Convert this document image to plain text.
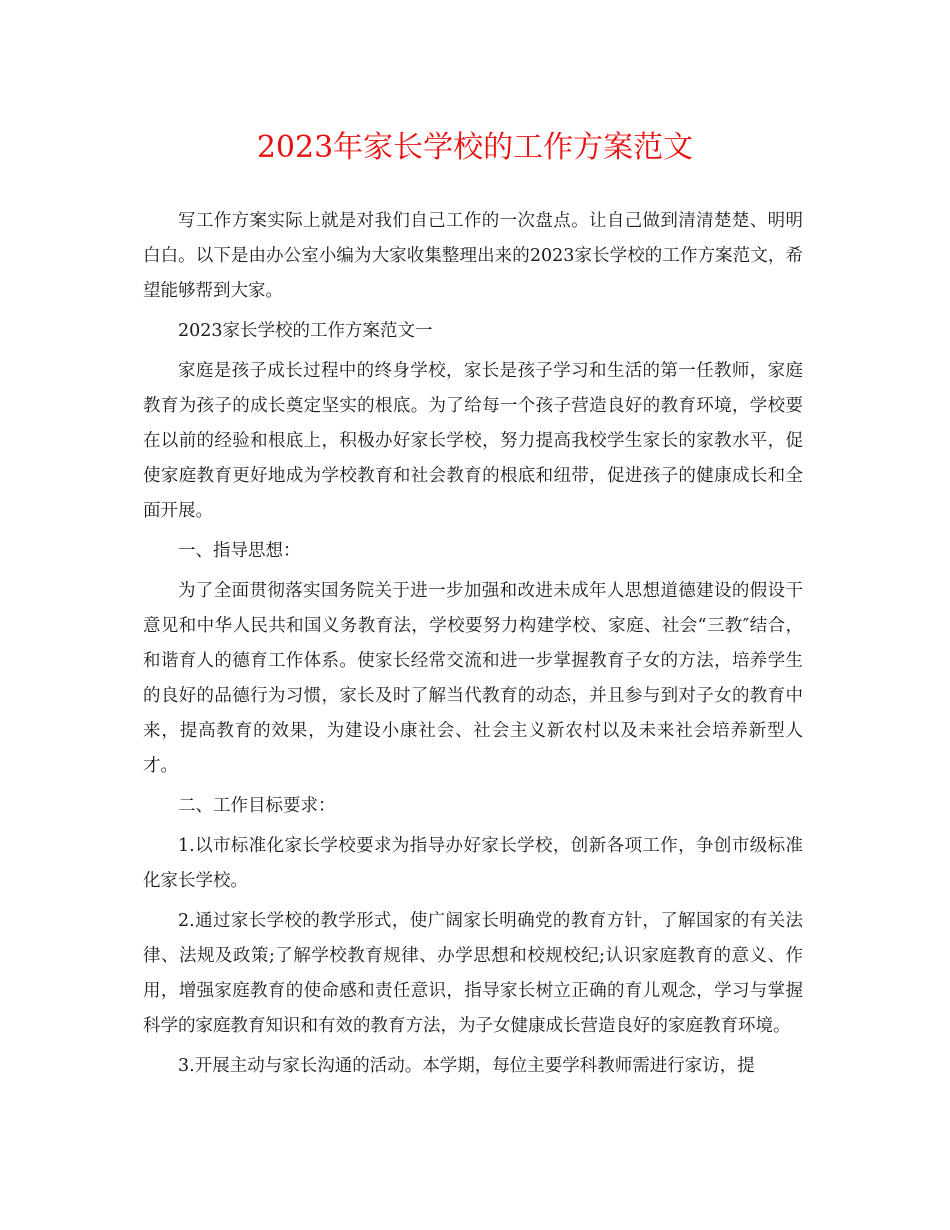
2023年家长学校的工作方案范文

写工作方案实际上就是对我们自己工作的一次盘点。让自己做到清清楚楚、明明白白。以下是由办公室小编为大家收集整理出来的2023家长学校的工作方案范文，希望能够帮到大家。

2023家长学校的工作方案范文一

家庭是孩子成长过程中的终身学校，家长是孩子学习和生活的第一任教师，家庭教育为孩子的成长奠定坚实的根底。为了给每一个孩子营造良好的教育环境，学校要在以前的经验和根底上，积极办好家长学校，努力提高我校学生家长的家教水平，促使家庭教育更好地成为学校教育和社会教育的根底和纽带，促进孩子的健康成长和全面开展。

一、指导思想：

为了全面贯彻落实国务院关于进一步加强和改进未成年人思想道德建设的假设干意见和中华人民共和国义务教育法，学校要努力构建学校、家庭、社会“三教″结合，和谐育人的德育工作体系。使家长经常交流和进一步掌握教育子女的方法，培养学生的良好的品德行为习惯，家长及时了解当代教育的动态，并且参与到对子女的教育中来，提高教育的效果，为建设小康社会、社会主义新农村以及未来社会培养新型人才。

二、工作目标要求：

1.以市标准化家长学校要求为指导办好家长学校，创新各项工作，争创市级标准化家长学校。

2.通过家长学校的教学形式，使广阔家长明确党的教育方针，了解国家的有关法律、法规及政策;了解学校教育规律、办学思想和校规校纪;认识家庭教育的意义、作用，增强家庭教育的使命感和责任意识，指导家长树立正确的育儿观念，学习与掌握科学的家庭教育知识和有效的教育方法，为子女健康成长营造良好的家庭教育环境。

3.开展主动与家长沟通的活动。本学期，每位主要学科教师需进行家访，提
